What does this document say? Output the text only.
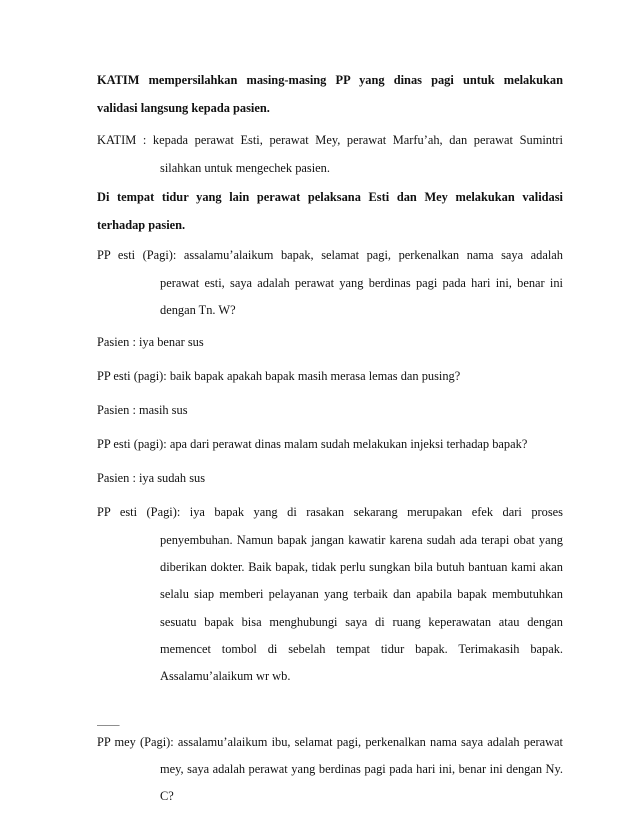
KATIM mempersilahkan masing-masing PP yang dinas pagi untuk melakukan
validasi langsung kepada pasien.
KATIM : kepada perawat Esti, perawat Mey, perawat Marfu’ah, dan perawat Sumintri
silahkan untuk mengechek pasien.
Di tempat tidur yang lain perawat pelaksana Esti dan Mey melakukan validasi
terhadap pasien.
PP esti (Pagi): assalamu’alaikum bapak, selamat pagi, perkenalkan nama saya adalah
perawat esti, saya adalah perawat yang berdinas pagi pada hari ini, benar ini
dengan Tn. W?
Pasien : iya benar sus
PP esti (pagi): baik bapak apakah bapak masih merasa lemas dan pusing?
Pasien : masih sus
PP esti (pagi): apa dari perawat dinas malam sudah melakukan injeksi terhadap bapak?
Pasien : iya sudah sus
PP esti (Pagi): iya bapak yang di rasakan sekarang merupakan efek dari proses
penyembuhan. Namun bapak jangan kawatir karena sudah ada terapi obat yang
diberikan dokter. Baik bapak, tidak perlu sungkan bila butuh bantuan kami akan
selalu siap memberi pelayanan yang terbaik dan apabila bapak membutuhkan
sesuatu bapak bisa menghubungi saya di ruang keperawatan atau dengan
memencet tombol di sebelah tempat tidur bapak. Terimakasih bapak.
Assalamu’alaikum wr wb.
——–
PP mey (Pagi): assalamu’alaikum ibu, selamat pagi, perkenalkan nama saya adalah perawat
mey, saya adalah perawat yang berdinas pagi pada hari ini, benar ini dengan Ny.
C?
